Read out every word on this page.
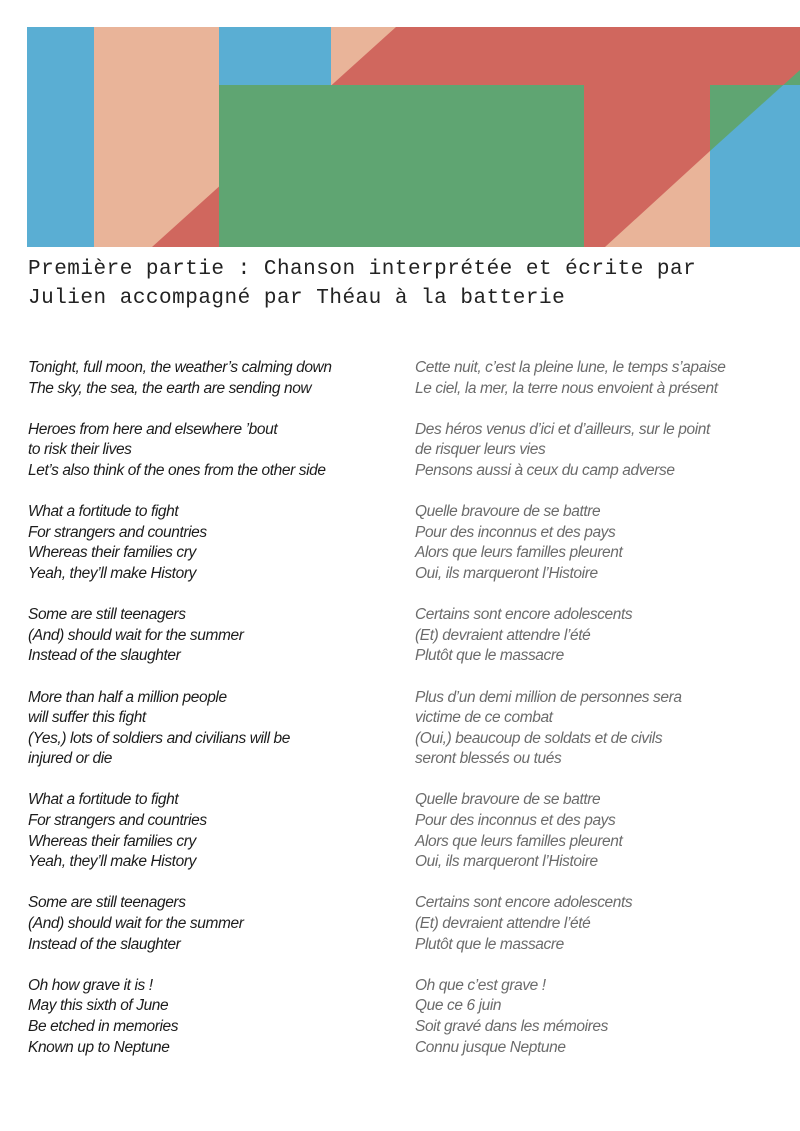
Première partie : Chanson interprétée et écrite par
Julien accompagné par Théau à la batterie
Tonight, full moon, the weather’s calming down
The sky, the sea, the earth are sending now
Heroes from here and elsewhere ’bout
to risk their lives
Let’s also think of the ones from the other side
What a fortitude to fight
For strangers and countries
Whereas their families cry
Yeah, they’ll make History
Some are still teenagers
(And) should wait for the summer
Instead of the slaughter
More than half a million people
will suffer this fight
(Yes,) lots of soldiers and civilians will be
injured or die
What a fortitude to fight
For strangers and countries
Whereas their families cry
Yeah, they’ll make History
Some are still teenagers
(And) should wait for the summer
Instead of the slaughter
Oh how grave it is !
May this sixth of June
Be etched in memories
Known up to Neptune
Cette nuit, c’est la pleine lune, le temps s’apaise
Le ciel, la mer, la terre nous envoient à présent
Des héros venus d’ici et d’ailleurs, sur le point
de risquer leurs vies
Pensons aussi à ceux du camp adverse
Quelle bravoure de se battre
Pour des inconnus et des pays
Alors que leurs familles pleurent
Oui, ils marqueront l’Histoire
Certains sont encore adolescents
(Et) devraient attendre l’été
Plutôt que le massacre
Plus d’un demi million de personnes sera
victime de ce combat
(Oui,) beaucoup de soldats et de civils
seront blessés ou tués
Quelle bravoure de se battre
Pour des inconnus et des pays
Alors que leurs familles pleurent
Oui, ils marqueront l’Histoire
Certains sont encore adolescents
(Et) devraient attendre l’été
Plutôt que le massacre
Oh que c’est grave !
Que ce 6 juin
Soit gravé dans les mémoires
Connu jusque Neptune
